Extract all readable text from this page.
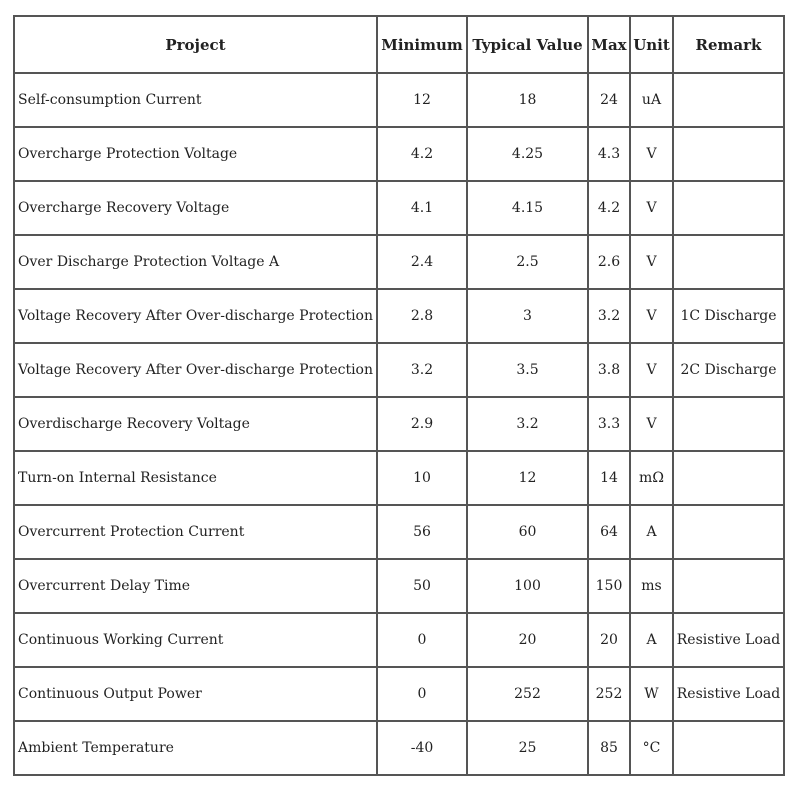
Project	Minimum	Typical Value	Max	Unit	Remark
Self-consumption Current	12	18	24	uA	
Overcharge Protection Voltage	4.2	4.25	4.3	V	
Overcharge Recovery Voltage	4.1	4.15	4.2	V	
Over Discharge Protection Voltage A	2.4	2.5	2.6	V	
Voltage Recovery After Over-discharge Protection	2.8	3	3.2	V	1C Discharge
Voltage Recovery After Over-discharge Protection	3.2	3.5	3.8	V	2C Discharge
Overdischarge Recovery Voltage	2.9	3.2	3.3	V	
Turn-on Internal Resistance	10	12	14	mΩ	
Overcurrent Protection Current	56	60	64	A	
Overcurrent Delay Time	50	100	150	ms	
Continuous Working Current	0	20	20	A	Resistive Load
Continuous Output Power	0	252	252	W	Resistive Load
Ambient Temperature	-40	25	85	°C	
